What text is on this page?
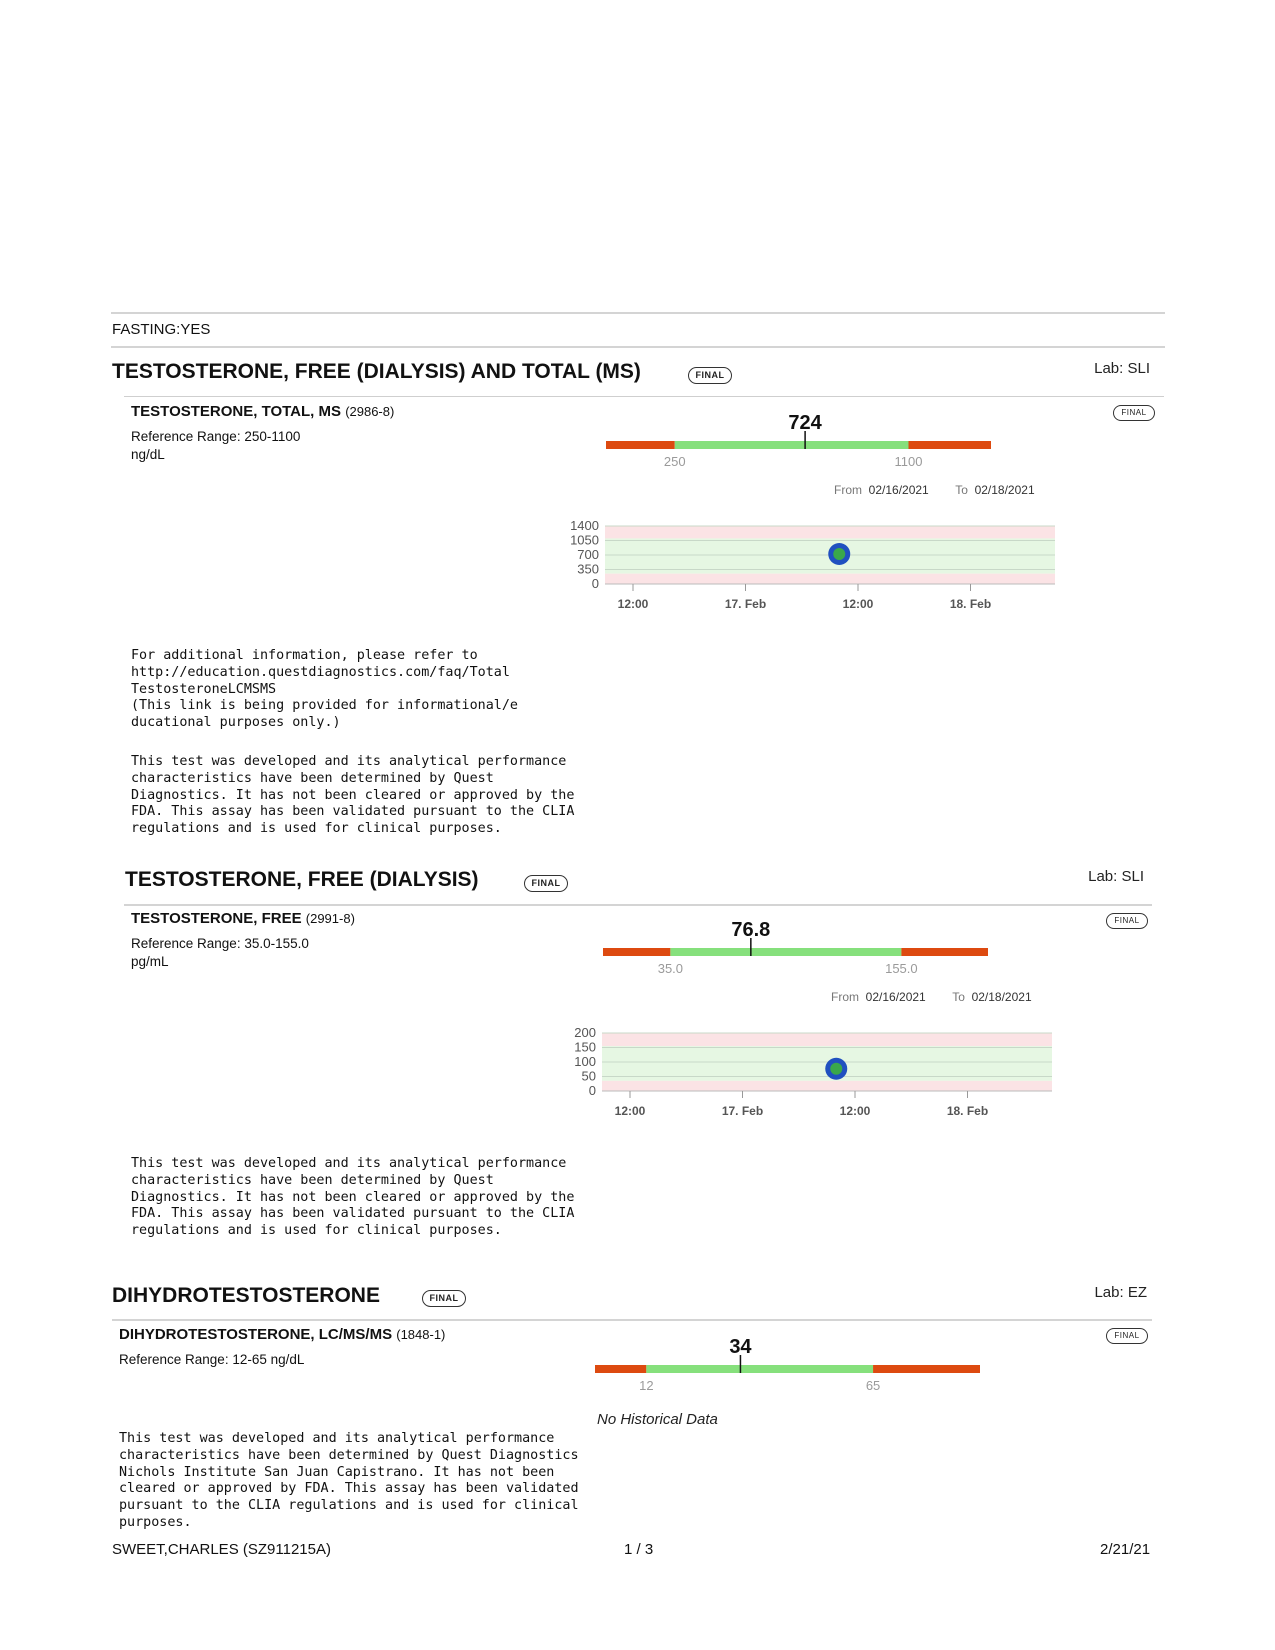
FASTING:YES
TESTOSTERONE, FREE (DIALYSIS) AND TOTAL (MS)	FINAL	Lab: SLI
TESTOSTERONE, TOTAL, MS (2986-8)	FINAL
Reference Range: 250-1100
ng/dL
724
250	1100
From 02/16/2021 To 02/18/2021
1400
1050
700
350
0
12:00	17. Feb	12:00	18. Feb
For additional information, please refer to
http://education.questdiagnostics.com/faq/Total
TestosteroneLCMSMS
(This link is being provided for informational/e
ducational purposes only.)
This test was developed and its analytical performance
characteristics have been determined by Quest
Diagnostics. It has not been cleared or approved by the
FDA. This assay has been validated pursuant to the CLIA
regulations and is used for clinical purposes.
TESTOSTERONE, FREE (DIALYSIS)	FINAL	Lab: SLI
TESTOSTERONE, FREE (2991-8)	FINAL
Reference Range: 35.0-155.0
pg/mL
76.8
35.0	155.0
From 02/16/2021 To 02/18/2021
200
150
100
50
0
12:00	17. Feb	12:00	18. Feb
This test was developed and its analytical performance
characteristics have been determined by Quest
Diagnostics. It has not been cleared or approved by the
FDA. This assay has been validated pursuant to the CLIA
regulations and is used for clinical purposes.
DIHYDROTESTOSTERONE	FINAL	Lab: EZ
DIHYDROTESTOSTERONE, LC/MS/MS (1848-1)	FINAL
Reference Range: 12-65 ng/dL
34
12	65
No Historical Data
This test was developed and its analytical performance
characteristics have been determined by Quest Diagnostics
Nichols Institute San Juan Capistrano. It has not been
cleared or approved by FDA. This assay has been validated
pursuant to the CLIA regulations and is used for clinical
purposes.
SWEET,CHARLES (SZ911215A)	1 / 3	2/21/21
